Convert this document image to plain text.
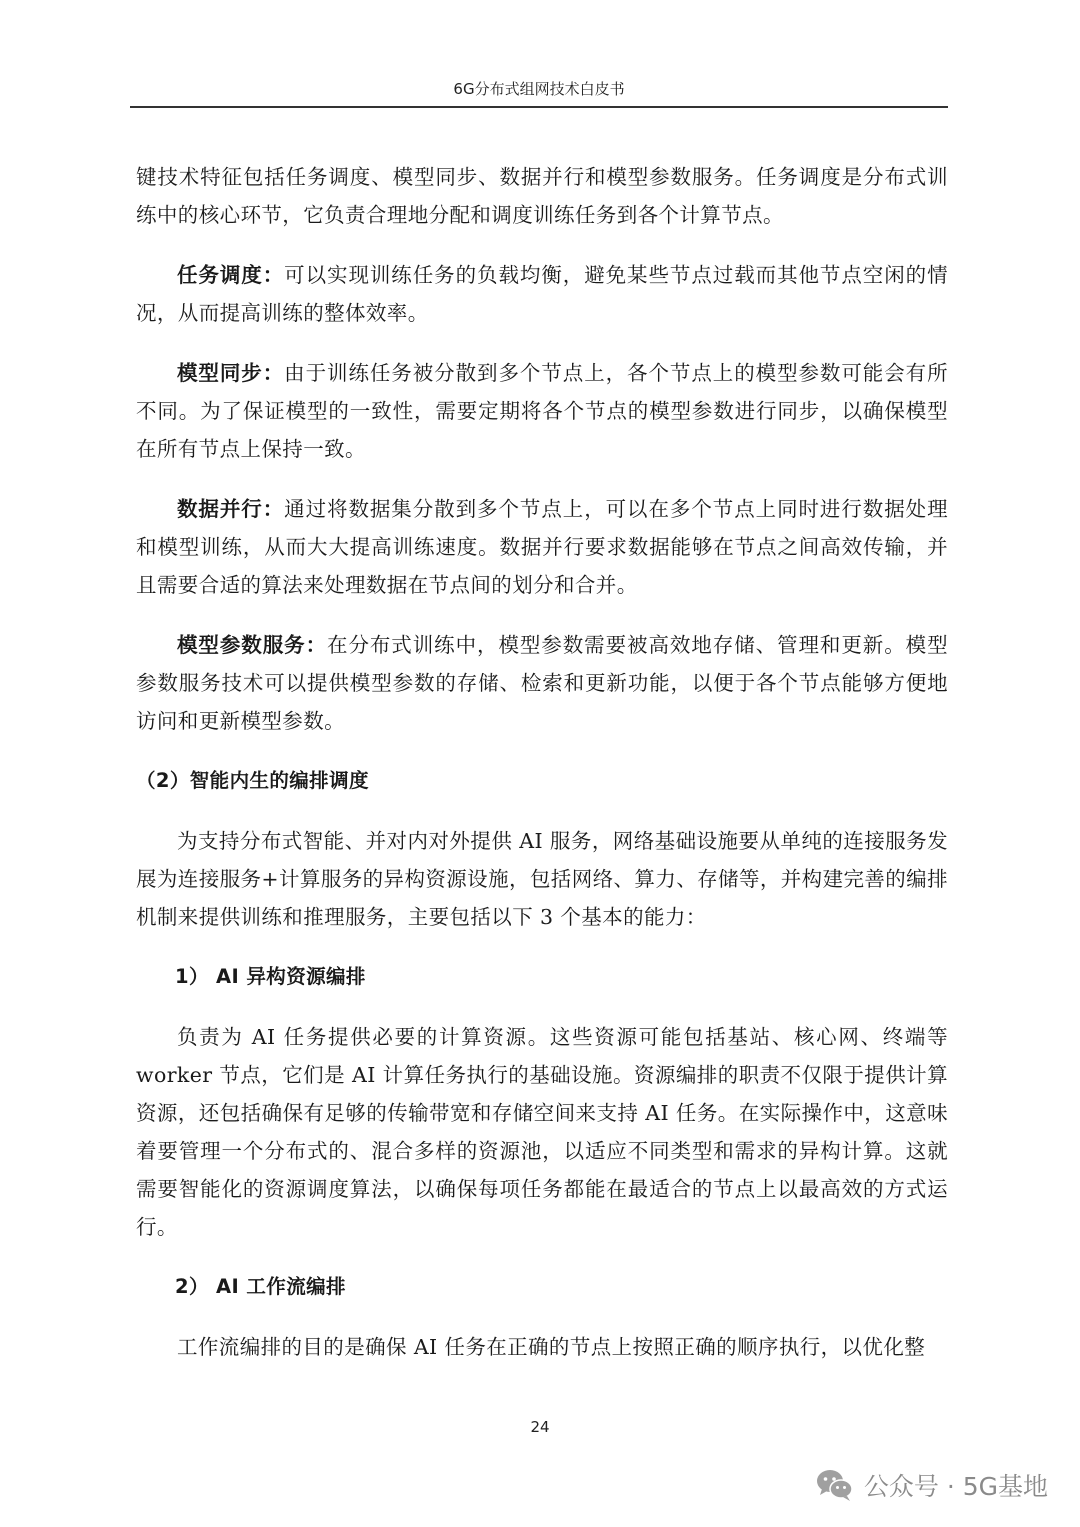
6G分布式组网技术白皮书

键技术特征包括任务调度、模型同步、数据并行和模型参数服务。任务调度是分布式训练中的核心环节，它负责合理地分配和调度训练任务到各个计算节点。

任务调度：可以实现训练任务的负载均衡，避免某些节点过载而其他节点空闲的情况，从而提高训练的整体效率。

模型同步：由于训练任务被分散到多个节点上，各个节点上的模型参数可能会有所不同。为了保证模型的一致性，需要定期将各个节点的模型参数进行同步，以确保模型在所有节点上保持一致。

数据并行：通过将数据集分散到多个节点上，可以在多个节点上同时进行数据处理和模型训练，从而大大提高训练速度。数据并行要求数据能够在节点之间高效传输，并且需要合适的算法来处理数据在节点间的划分和合并。

模型参数服务：在分布式训练中，模型参数需要被高效地存储、管理和更新。模型参数服务技术可以提供模型参数的存储、检索和更新功能，以便于各个节点能够方便地访问和更新模型参数。

（2）智能内生的编排调度

为支持分布式智能、并对内对外提供 AI 服务，网络基础设施要从单纯的连接服务发展为连接服务+计算服务的异构资源设施，包括网络、算力、存储等，并构建完善的编排机制来提供训练和推理服务，主要包括以下 3 个基本的能力：

1） AI 异构资源编排

负责为 AI 任务提供必要的计算资源。这些资源可能包括基站、核心网、终端等 worker 节点，它们是 AI 计算任务执行的基础设施。资源编排的职责不仅限于提供计算资源，还包括确保有足够的传输带宽和存储空间来支持 AI 任务。在实际操作中，这意味着要管理一个分布式的、混合多样的资源池，以适应不同类型和需求的异构计算。这就需要智能化的资源调度算法，以确保每项任务都能在最适合的节点上以最高效的方式运行。

2） AI 工作流编排

工作流编排的目的是确保 AI 任务在正确的节点上按照正确的顺序执行，以优化整

24
公众号 · 5G基地
